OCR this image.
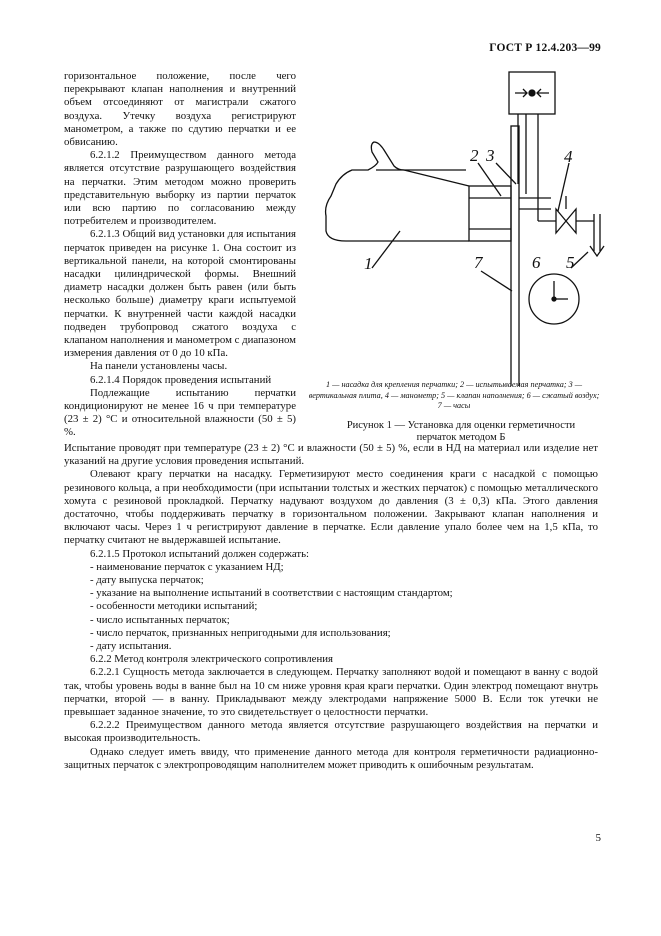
ГОСТ Р 12.4.203—99

горизонтальное положение, после чего перекрывают клапан наполнения и внутренний объем отсоединяют от магистрали сжатого воздуха. Утечку воздуха регистрируют манометром, а также по сдутию перчатки и ее обвисанию.

6.2.1.2 Преимуществом данного метода является отсутствие разрушающего воздействия на перчатки. Этим методом можно проверить представительную выборку из партии перчаток или всю партию по согласованию между потребителем и производителем.

6.2.1.3 Общий вид установки для испытания перчаток приведен на рисунке 1. Она состоит из вертикальной панели, на которой смонтированы насадки цилиндрической формы. Внешний диаметр насадки должен быть равен (или быть несколько больше) диаметру краги испытуемой перчатки. К внутренней части каждой насадки подведен трубопровод сжатого воздуха с клапаном наполнения и манометром с диапазоном измерения давления от 0 до 10 кПа.

На панели установлены часы.

6.2.1.4 Порядок проведения испытаний

Подлежащие испытанию перчатки кондиционируют не менее 16 ч при температуре (23 ± 2) °С и относительной влажности (50 ± 5) %.

2 3	4
1	7	6 5
1 — насадка для крепления перчатки; 2 — испытываемая перчатка; 3 — вертикальная плита, 4 — манометр; 5 — клапан наполнения; 6 — сжатый воздух; 7 — часы
Рисунок 1 — Установка для оценки герметичности перчаток методом Б

Испытание проводят при температуре (23 ± 2) °С и влажности (50 ± 5) %, если в НД на материал или изделие нет указаний на другие условия проведения испытаний.

Олевают крагу перчатки на насадку. Герметизируют место соединения краги с насадкой с помощью резинового кольца, а при необходимости (при испытании толстых и жестких перчаток) с помощью металлического хомута с резиновой прокладкой. Перчатку надувают воздухом до давления (3 ± 0,3) кПа. Этого давления достаточно, чтобы поддерживать перчатку в горизонтальном положении. Закрывают клапан наполнения и включают часы. Через 1 ч регистрируют давление в перчатке. Если давление упало более чем на 1,5 кПа, то перчатку считают не выдержавшей испытание.

6.2.1.5 Протокол испытаний должен содержать:

- наименование перчаток с указанием НД;
- дату выпуска перчаток;
- указание на выполнение испытаний в соответствии с настоящим стандартом;
- особенности методики испытаний;
- число испытанных перчаток;
- число перчаток, признанных непригодными для использования;
- дату испытания.

6.2.2 Метод контроля электрического сопротивления

6.2.2.1 Сущность метода заключается в следующем. Перчатку заполняют водой и помещают в ванну с водой так, чтобы уровень воды в ванне был на 10 см ниже уровня края краги перчатки. Один электрод помещают внутрь перчатки, второй — в ванну. Прикладывают между электродами напряжение 5000 В. Если ток утечки не превышает заданное значение, то это свидетельствует о целостности перчатки.

6.2.2.2 Преимуществом данного метода является отсутствие разрушающего воздействия на перчатки и высокая производительность.

Однако следует иметь ввиду, что применение данного метода для контроля герметичности радиационно-защитных перчаток с электропроводящим наполнителем может приводить к ошибочным результатам.

5
